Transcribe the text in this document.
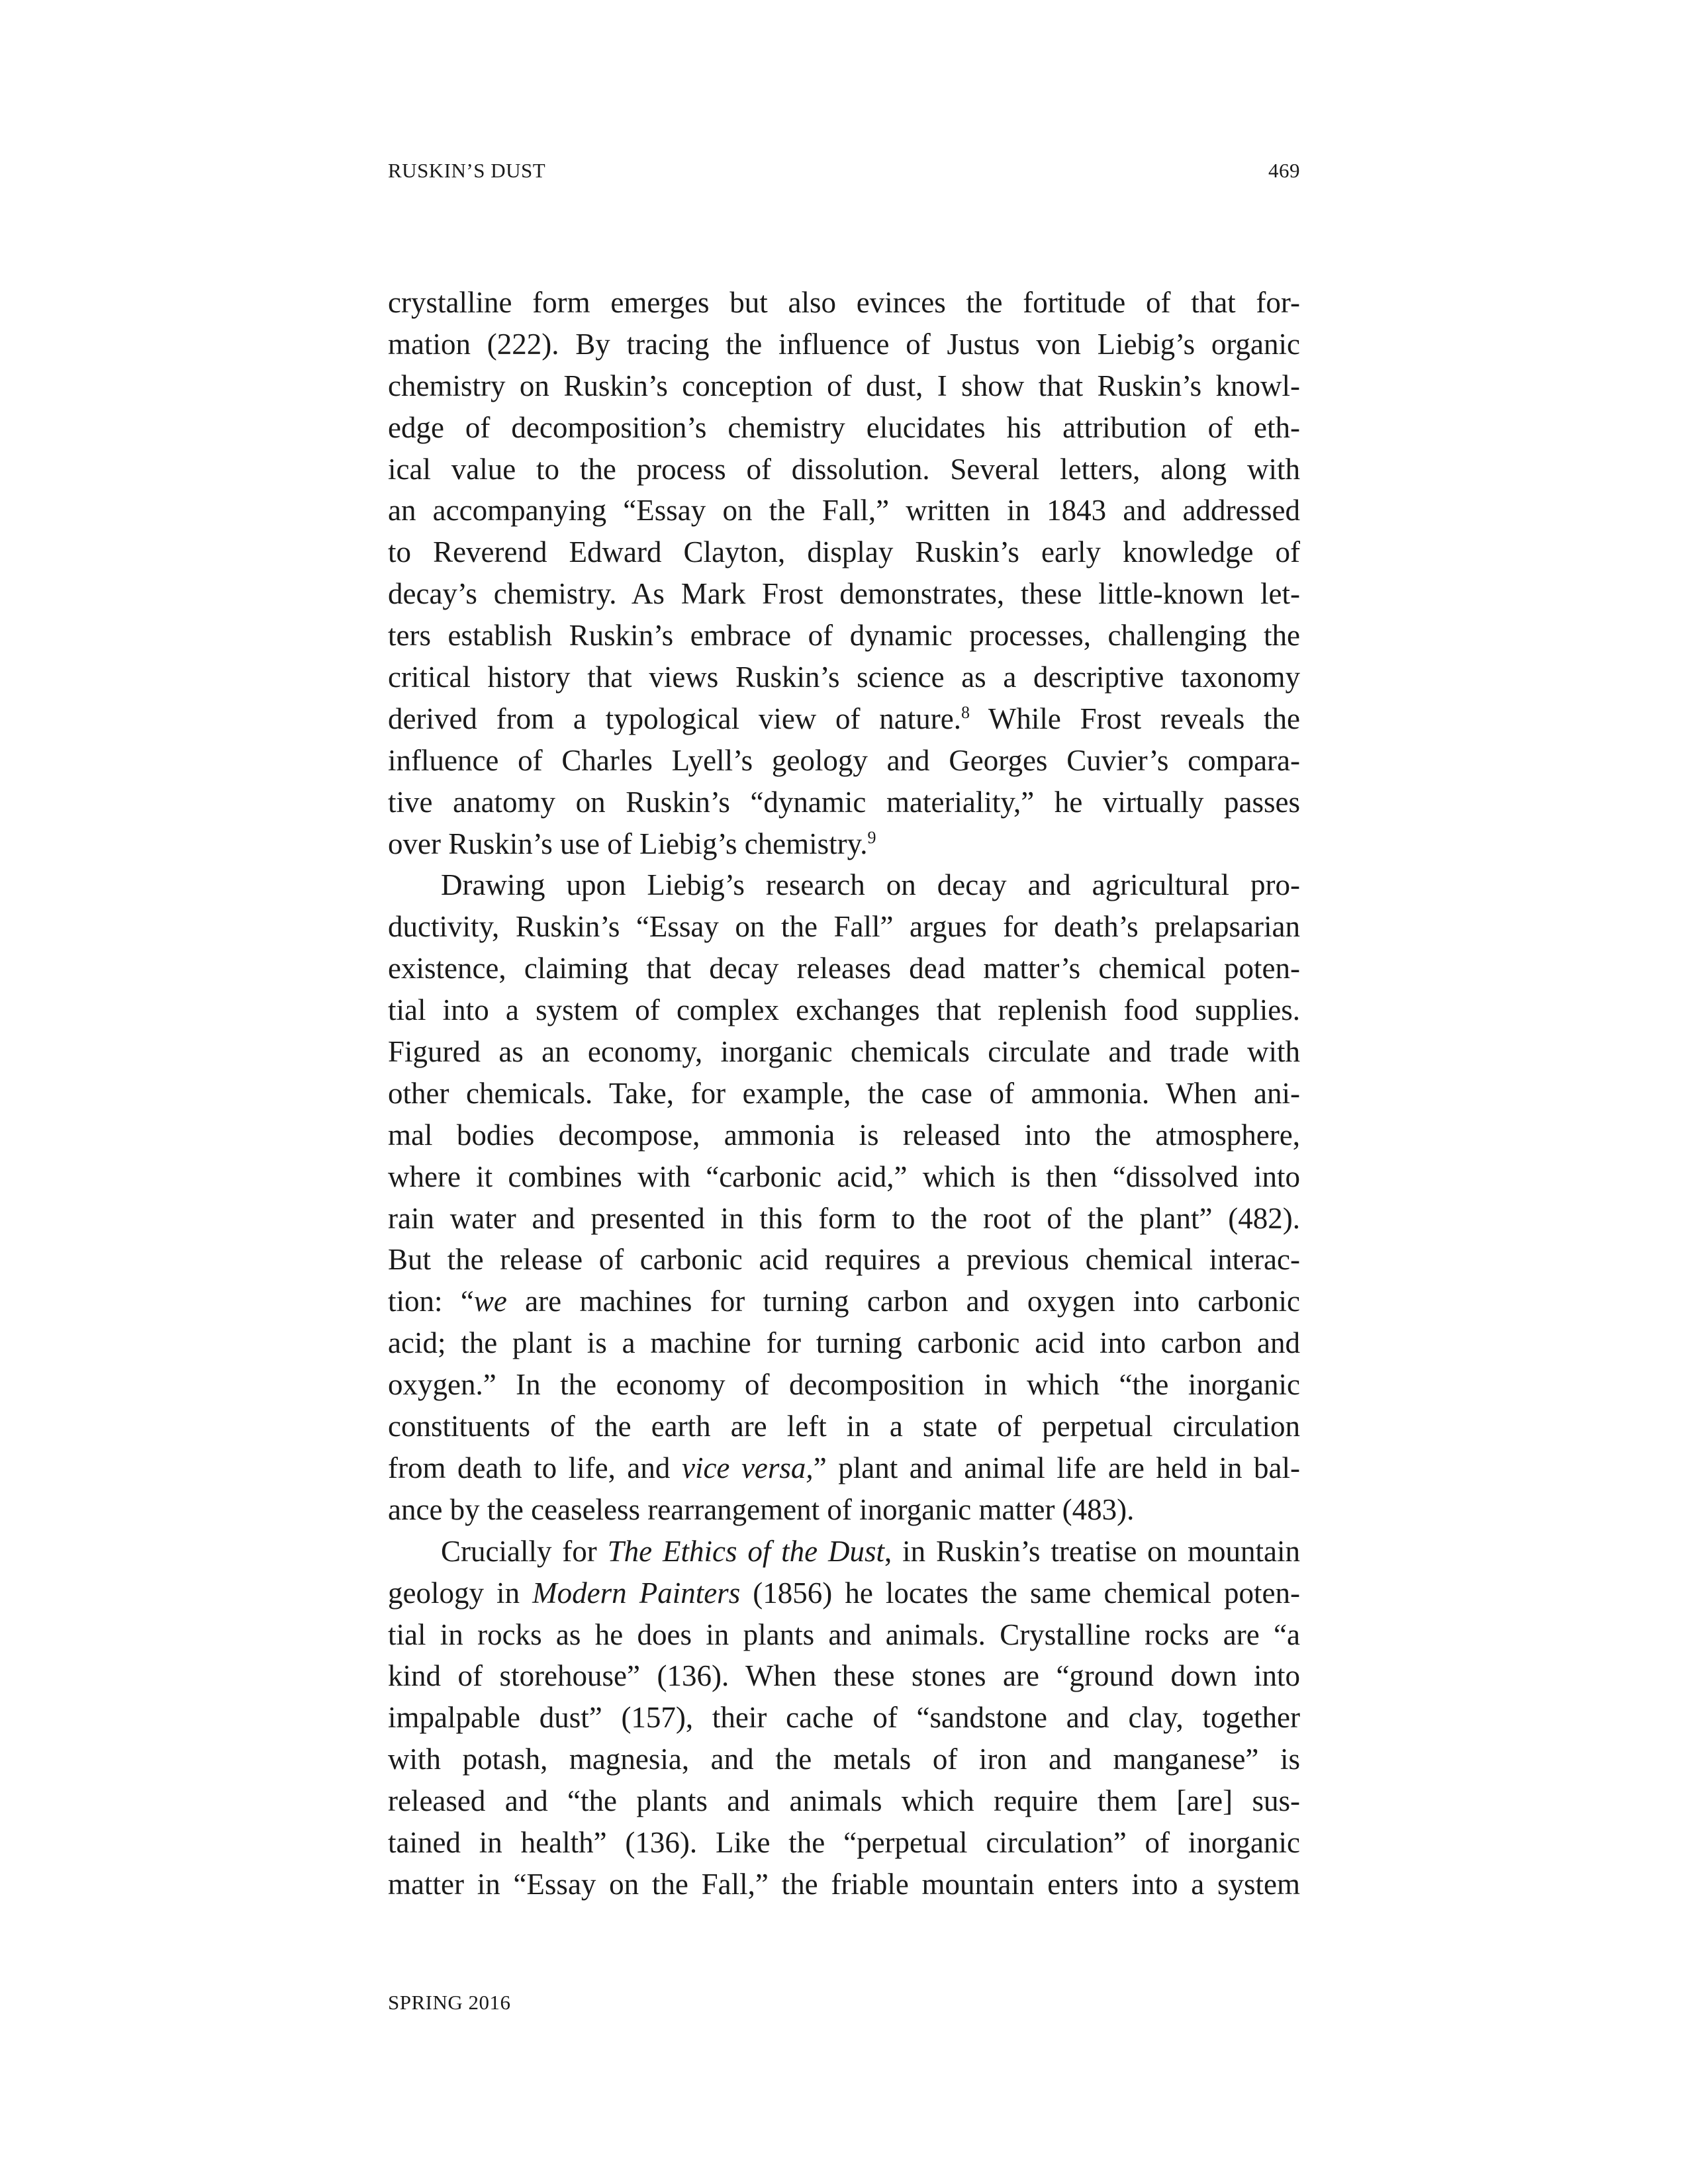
RUSKIN’S DUST	469
crystalline form emerges but also evinces the fortitude of that for-
mation (222). By tracing the influence of Justus von Liebig’s organic
chemistry on Ruskin’s conception of dust, I show that Ruskin’s knowl-
edge of decomposition’s chemistry elucidates his attribution of eth-
ical value to the process of dissolution. Several letters, along with
an accompanying “Essay on the Fall,” written in 1843 and addressed
to Reverend Edward Clayton, display Ruskin’s early knowledge of
decay’s chemistry. As Mark Frost demonstrates, these little-known let-
ters establish Ruskin’s embrace of dynamic processes, challenging the
critical history that views Ruskin’s science as a descriptive taxonomy
derived from a typological view of nature.$^8$ While Frost reveals the
influence of Charles Lyell’s geology and Georges Cuvier’s compara-
tive anatomy on Ruskin’s “dynamic materiality,” he virtually passes
over Ruskin’s use of Liebig’s chemistry.$^9$
Drawing upon Liebig’s research on decay and agricultural pro-
ductivity, Ruskin’s “Essay on the Fall” argues for death’s prelapsarian
existence, claiming that decay releases dead matter’s chemical poten-
tial into a system of complex exchanges that replenish food supplies.
Figured as an economy, inorganic chemicals circulate and trade with
other chemicals. Take, for example, the case of ammonia. When ani-
mal bodies decompose, ammonia is released into the atmosphere,
where it combines with “carbonic acid,” which is then “dissolved into
rain water and presented in this form to the root of the plant” (482).
But the release of carbonic acid requires a previous chemical interac-
tion: “we are machines for turning carbon and oxygen into carbonic
acid; the plant is a machine for turning carbonic acid into carbon and
oxygen.” In the economy of decomposition in which “the inorganic
constituents of the earth are left in a state of perpetual circulation
from death to life, and vice versa,” plant and animal life are held in bal-
ance by the ceaseless rearrangement of inorganic matter (483).
Crucially for The Ethics of the Dust, in Ruskin’s treatise on mountain
geology in Modern Painters (1856) he locates the same chemical poten-
tial in rocks as he does in plants and animals. Crystalline rocks are “a
kind of storehouse” (136). When these stones are “ground down into
impalpable dust” (157), their cache of “sandstone and clay, together
with potash, magnesia, and the metals of iron and manganese” is
released and “the plants and animals which require them [are] sus-
tained in health” (136). Like the “perpetual circulation” of inorganic
matter in “Essay on the Fall,” the friable mountain enters into a system
SPRING 2016
